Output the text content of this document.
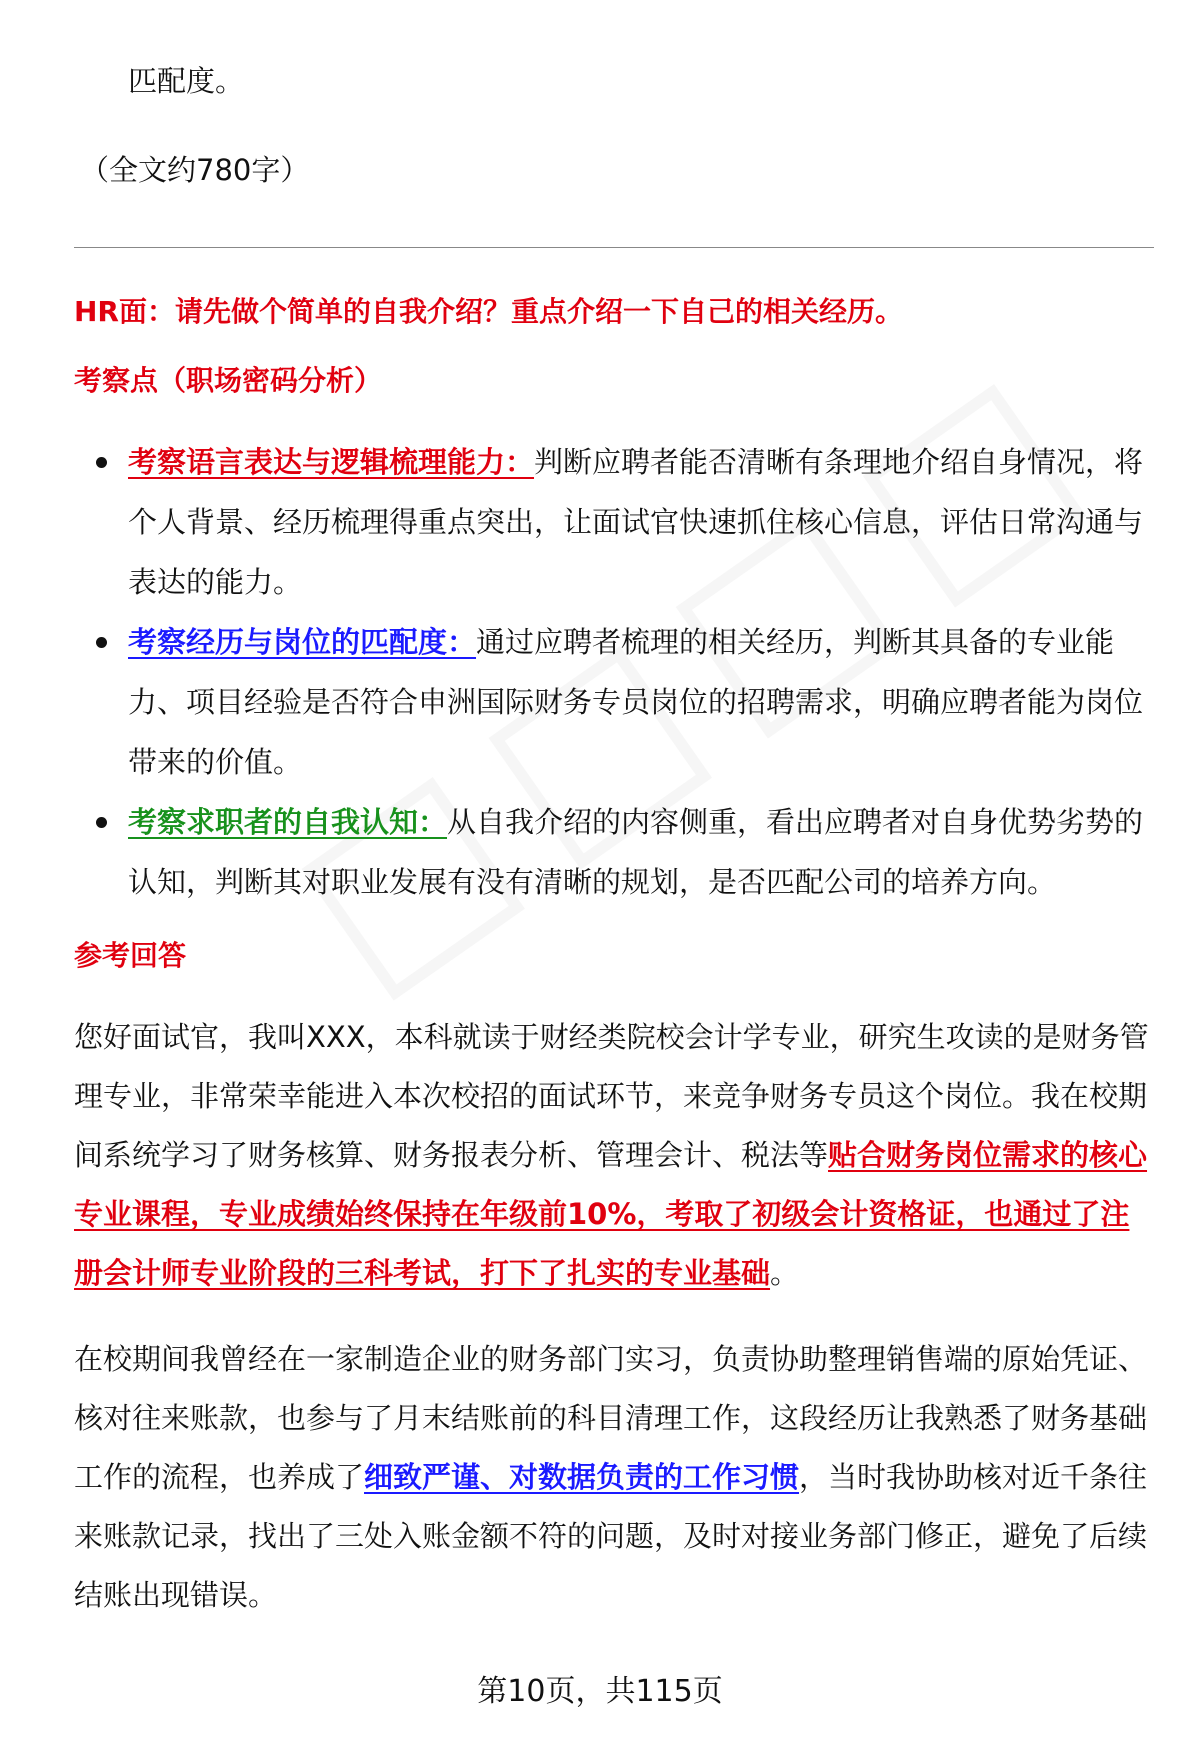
匹配度。
（全文约780字）
HR面：请先做个简单的自我介绍？重点介绍一下自己的相关经历。
考察点（职场密码分析）
考察语言表达与逻辑梳理能力：判断应聘者能否清晰有条理地介绍自身情况，将个人背景、经历梳理得重点突出，让面试官快速抓住核心信息，评估日常沟通与表达的能力。
考察经历与岗位的匹配度：通过应聘者梳理的相关经历，判断其具备的专业能力、项目经验是否符合申洲国际财务专员岗位的招聘需求，明确应聘者能为岗位带来的价值。
考察求职者的自我认知：从自我介绍的内容侧重，看出应聘者对自身优势劣势的认知，判断其对职业发展有没有清晰的规划，是否匹配公司的培养方向。
参考回答

您好面试官，我叫XXX，本科就读于财经类院校会计学专业，研究生攻读的是财务管理专业，非常荣幸能进入本次校招的面试环节，来竞争财务专员这个岗位。我在校期间系统学习了财务核算、财务报表分析、管理会计、税法等贴合财务岗位需求的核心专业课程，专业成绩始终保持在年级前10%，考取了初级会计资格证，也通过了注册会计师专业阶段的三科考试，打下了扎实的专业基础。

在校期间我曾经在一家制造企业的财务部门实习，负责协助整理销售端的原始凭证、核对往来账款，也参与了月末结账前的科目清理工作，这段经历让我熟悉了财务基础工作的流程，也养成了细致严谨、对数据负责的工作习惯，当时我协助核对近千条往来账款记录，找出了三处入账金额不符的问题，及时对接业务部门修正，避免了后续结账出现错误。

第10页，共115页
